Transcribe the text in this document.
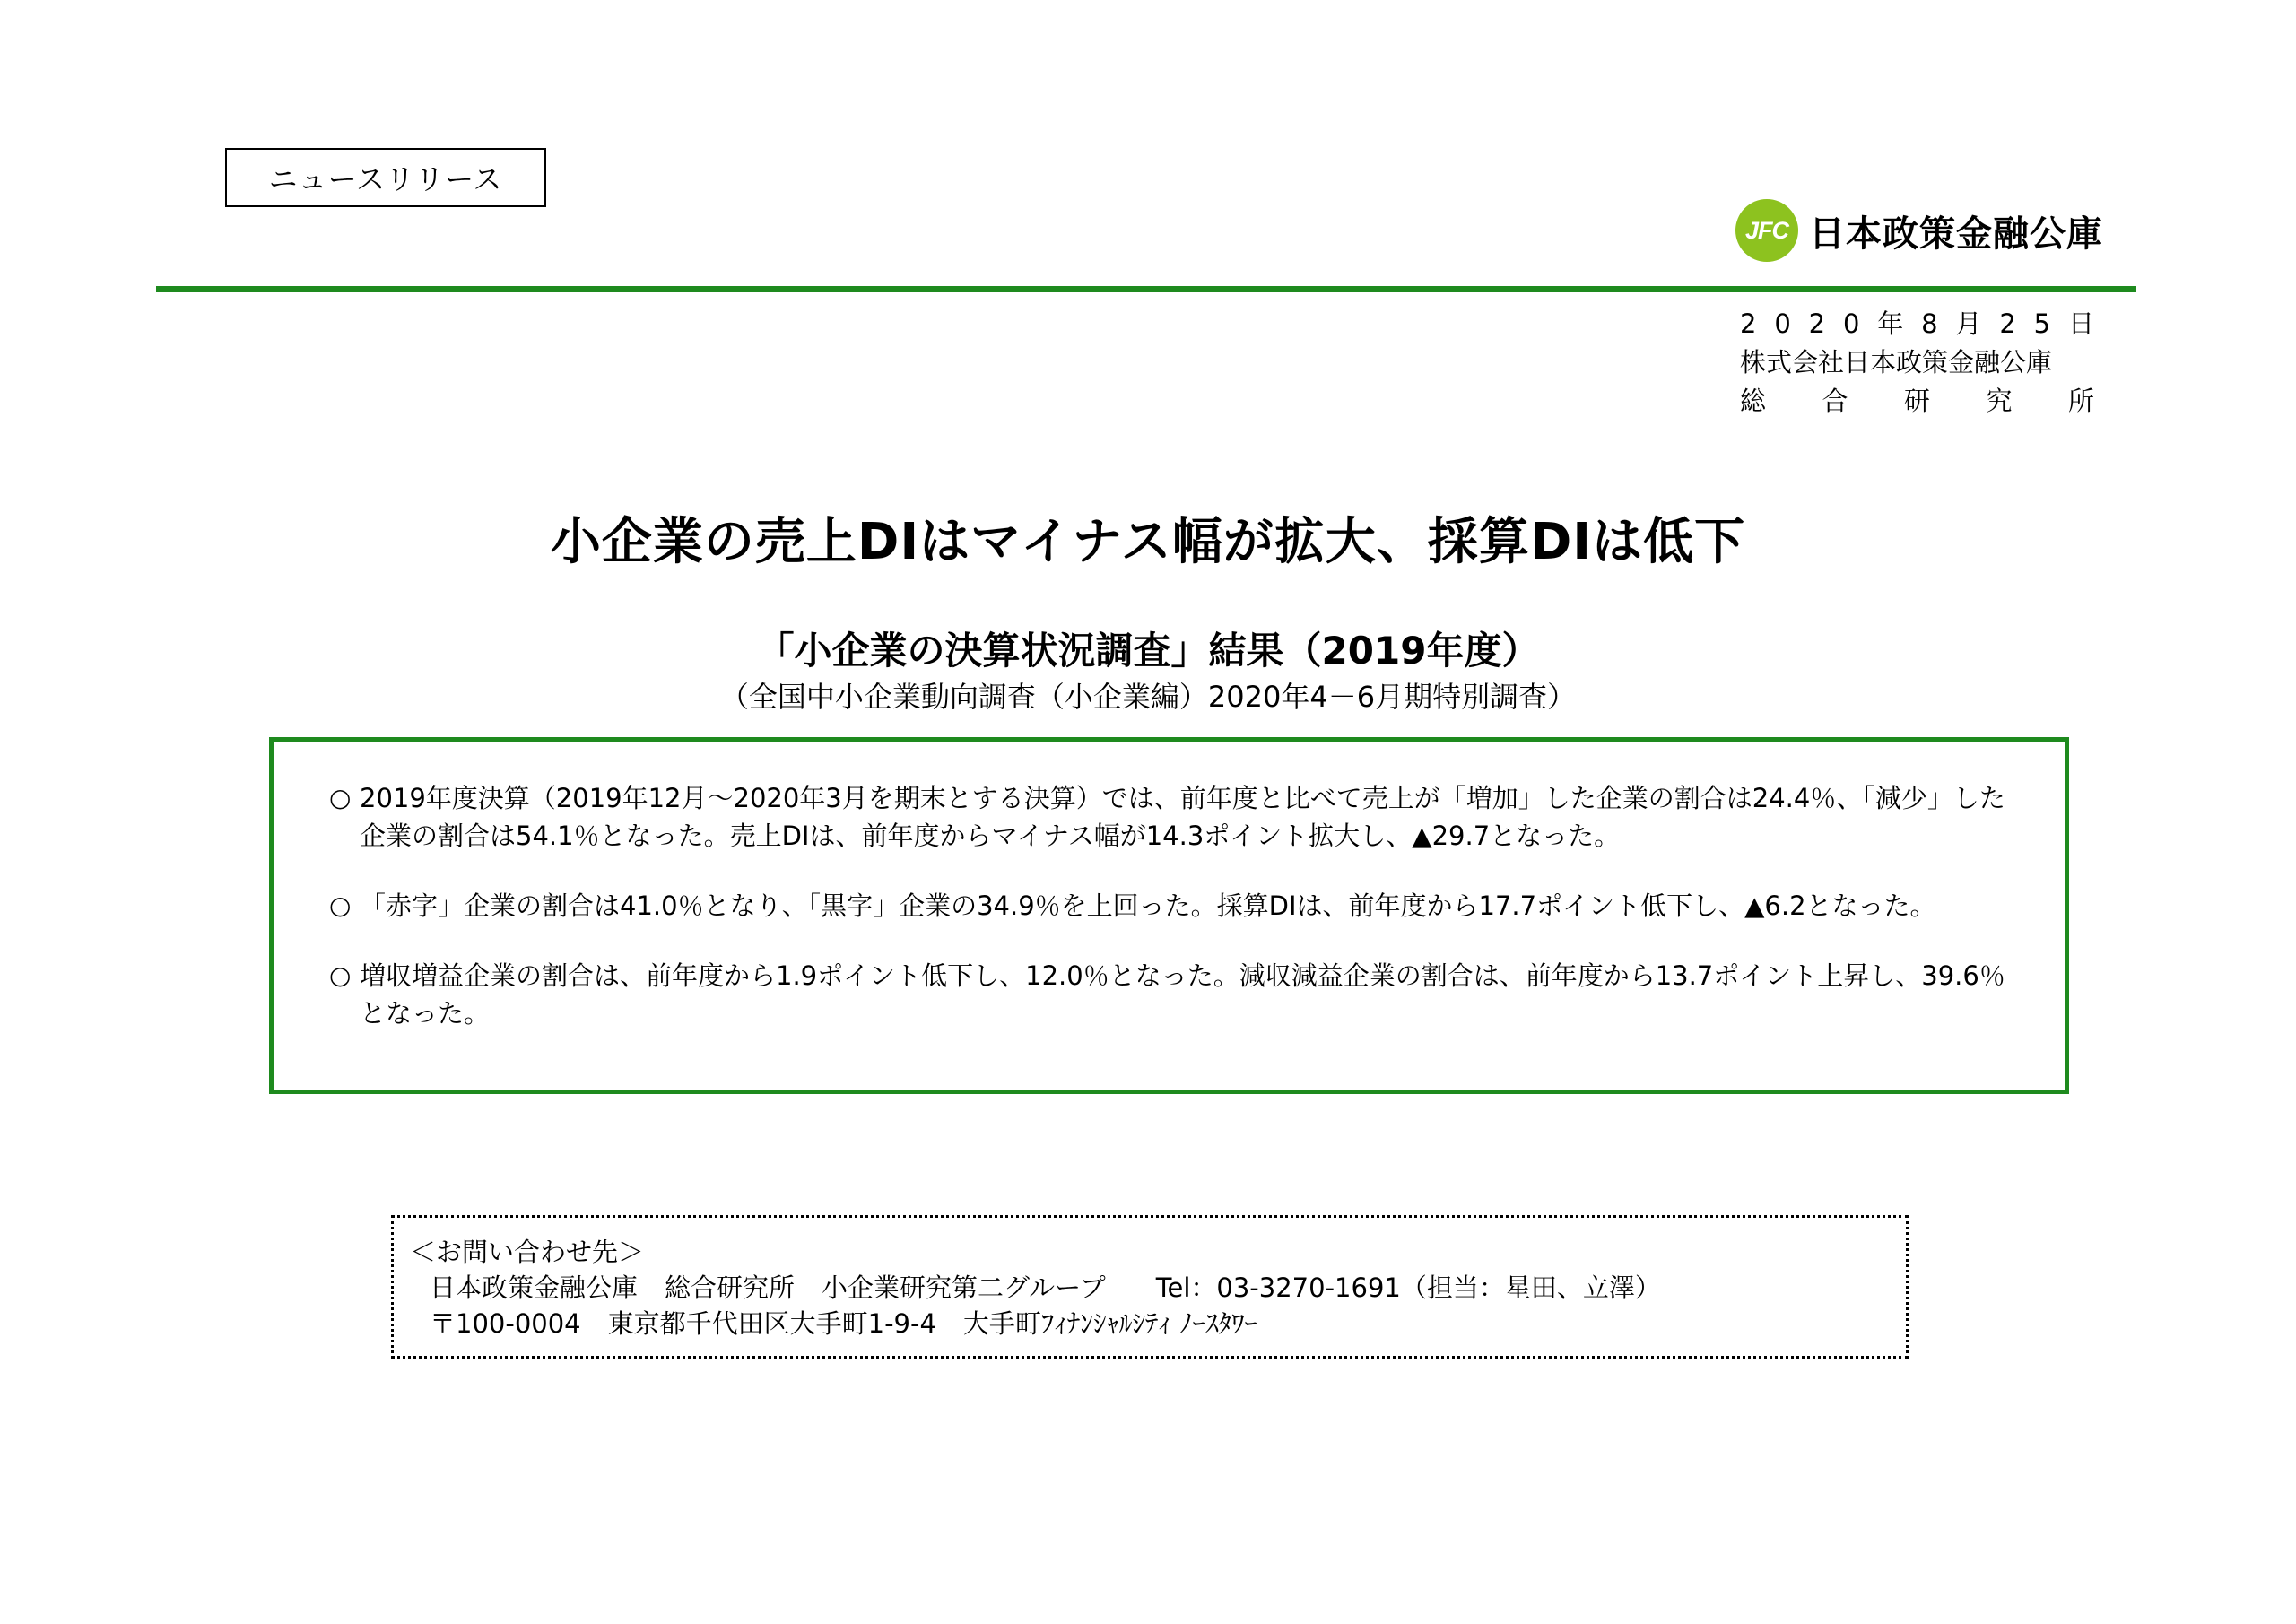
ニュースリリース
JFC 日本政策金融公庫
2 0 2 0 年 8 月 2 5 日
株式会社日本政策金融公庫
総 合 研 究 所
小企業の売上DIはマイナス幅が拡大、採算DIは低下
「小企業の決算状況調査」結果（2019年度）
（全国中小企業動向調査（小企業編）2020年4－6月期特別調査）
○ 2019年度決算（2019年12月～2020年3月を期末とする決算）では、前年度と比べて売上が「増加」した企業の割合は24.4％、「減少」した企業の割合は54.1％となった。売上DIは、前年度からマイナス幅が14.3ポイント拡大し、▲29.7となった。
○ 「赤字」企業の割合は41.0％となり、「黒字」企業の34.9％を上回った。採算DIは、前年度から17.7ポイント低下し、▲6.2となった。
○ 増収増益企業の割合は、前年度から1.9ポイント低下し、12.0％となった。減収減益企業の割合は、前年度から13.7ポイント上昇し、39.6％となった。
＜お問い合わせ先＞
日本政策金融公庫 総合研究所 小企業研究第二グループ Tel：03-3270-1691（担当：星田、立澤）
〒100-0004 東京都千代田区大手町1-9-4 大手町ﾌｨﾅﾝｼｬﾙｼﾃｨ ﾉｰｽﾀﾜｰ
